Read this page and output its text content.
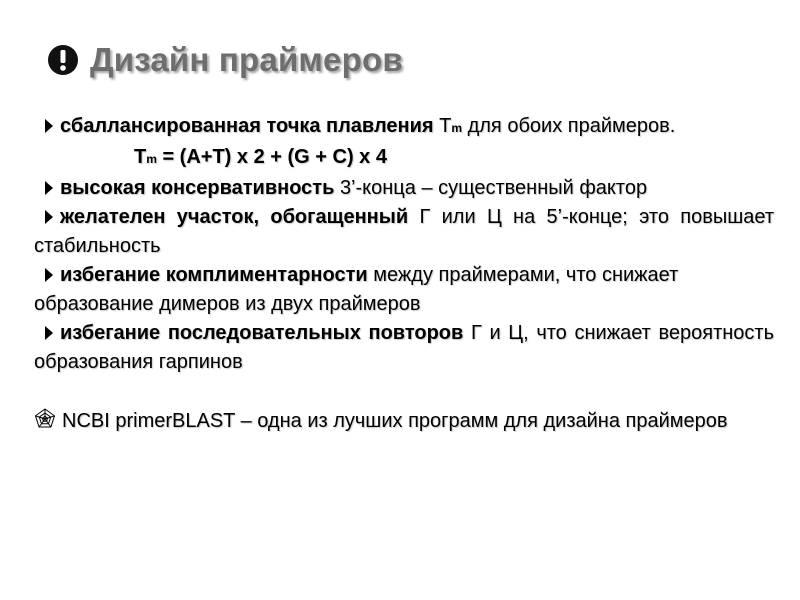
Дизайн праймеров

сбаллансированная точка плавления Tm для обоих праймеров.

Tm = (A+T) x 2 + (G + C) x 4

высокая консервативность 3’-конца – существенный фактор

желателен участок, обогащенный Г или Ц на 5’-конце; это повышает стабильность

избегание комплиментарности между праймерами, что снижает образование димеров из двух праймеров

избегание последовательных повторов Г и Ц, что снижает вероятность образования гарпинов

NCBI primerBLAST – одна из лучших программ для дизайна праймеров
